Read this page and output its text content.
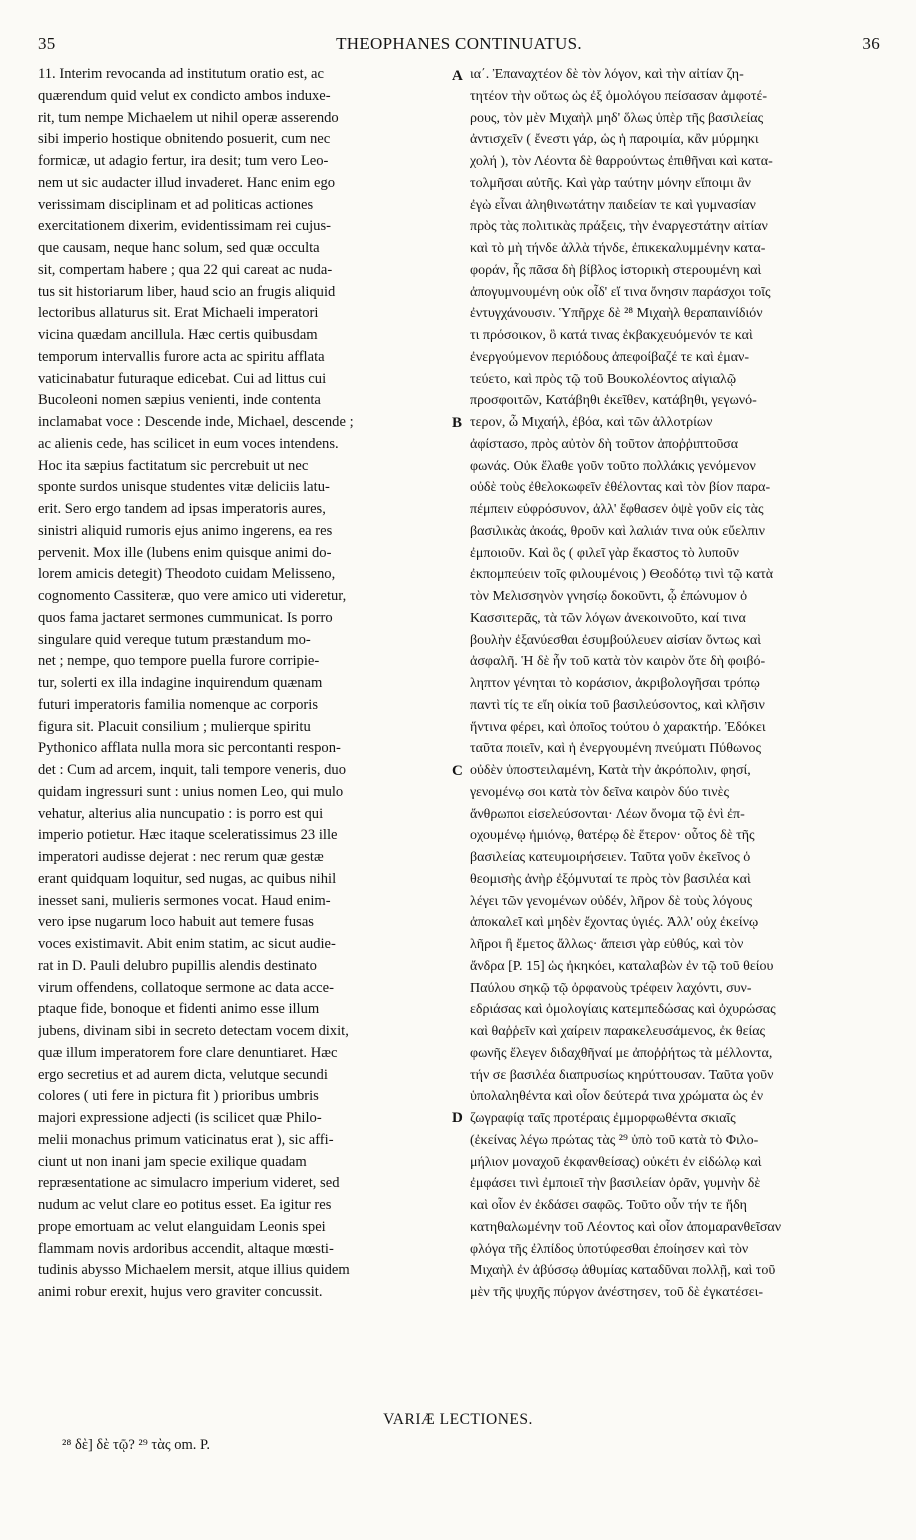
35	THEOPHANES CONTINUATUS.	36
11. Interim revocanda ad institutum oratio est, ac
quærendum quid velut ex condicto ambos induxe-
rit, tum nempe Michaelem ut nihil operæ asserendo
sibi imperio hostique obnitendo posuerit, cum nec
formicæ, ut adagio fertur, ira desit; tum vero Leo-
nem ut sic audacter illud invaderet. Hanc enim ego
verissimam disciplinam et ad politicas actiones
exercitationem dixerim, evidentissimam rei cujus-
que causam, neque hanc solum, sed quæ occulta
sit, compertam habere ; qua 22 qui careat ac nuda-
tus sit historiarum liber, haud scio an frugis aliquid
lectoribus allaturus sit. Erat Michaeli imperatori
vicina quædam ancillula. Hæc certis quibusdam
temporum intervallis furore acta ac spiritu afflata
vaticinabatur futuraque edicebat. Cui ad littus cui
Bucoleoni nomen sæpius venienti, inde contenta
inclamabat voce : Descende inde, Michael, descende ;
ac alienis cede, has scilicet in eum voces intendens.
Hoc ita sæpius factitatum sic percrebuit ut nec
sponte surdos unisque studentes vitæ deliciis latu-
erit. Sero ergo tandem ad ipsas imperatoris aures,
sinistri aliquid rumoris ejus animo ingerens, ea res
pervenit. Mox ille (lubens enim quisque animi do-
lorem amicis detegit) Theodoto cuidam Melisseno,
cognomento Cassiteræ, quo vere amico uti videretur,
quos fama jactaret sermones cummunicat. Is porro
singulare quid vereque tutum præstandum mo-
net ; nempe, quo tempore puella furore corripie-
tur, solerti ex illa indagine inquirendum quænam
futuri imperatoris familia nomenque ac corporis
figura sit. Placuit consilium ; mulierque spiritu
Pythonico afflata nulla mora sic percontanti respon-
det : Cum ad arcem, inquit, tali tempore veneris, duo
quidam ingressuri sunt : unius nomen Leo, qui mulo
vehatur, alterius alia nuncupatio : is porro est qui
imperio potietur. Hæc itaque sceleratissimus 23 ille
imperatori audisse dejerat : nec rerum quæ gestæ
erant quidquam loquitur, sed nugas, ac quibus nihil
inesset sani, mulieris sermones vocat. Haud enim-
vero ipse nugarum loco habuit aut temere fusas
voces existimavit. Abit enim statim, ac sicut audie-
rat in D. Pauli delubro pupillis alendis destinato
virum offendens, collatoque sermone ac data acce-
ptaque fide, bonoque et fidenti animo esse illum
jubens, divinam sibi in secreto detectam vocem dixit,
quæ illum imperatorem fore clare denuntiaret. Hæc
ergo secretius et ad aurem dicta, velutque secundi
colores ( uti fere in pictura fit ) prioribus umbris
majori expressione adjecti (is scilicet quæ Philo-
melii monachus primum vaticinatus erat ), sic affi-
ciunt ut non inani jam specie exilique quadam
repræsentatione ac simulacro imperium videret, sed
nudum ac velut clare eo potitus esset. Ea igitur res
prope emortuam ac velut elanguidam Leonis spei
flammam novis ardoribus accendit, altaque mœsti-
tudinis abysso Michaelem mersit, atque illius quidem
animi robur erexit, hujus vero graviter concussit.
ια΄. Ἐπαναχτέον δὲ τὸν λόγον, καὶ τὴν αἰτίαν ζη-
τητέον τὴν οὕτως ὡς ἐξ ὁμολόγου πείσασαν ἀμφοτέ-
ρους, τὸν μὲν Μιχαὴλ μηδ' ὅλως ὑπὲρ τῆς βασιλείας
ἀντισχεῖν ( ἔνεστι γάρ, ὡς ἡ παροιμία, κἂν μύρμηκι
χολή ), τὸν Λέοντα δὲ θαρρούντως ἐπιθῆναι καὶ κατα-
τολμῆσαι αὐτῆς. Καὶ γὰρ ταύτην μόνην εἴποιμι ἂν
ἐγὼ εἶναι ἀληθινωτάτην παιδείαν τε καὶ γυμνασίαν
πρὸς τὰς πολιτικὰς πράξεις, τὴν ἐναργεστάτην αἰτίαν
καὶ τὸ μὴ τήνδε ἀλλὰ τήνδε, ἐπικεκαλυμμένην κατα-
φοράν, ἧς πᾶσα δὴ βίβλος ἱστορικὴ στερουμένη καὶ
ἀπογυμνουμένη οὐκ οἶδ' εἴ τινα ὄνησιν παράσχοι τοῖς
ἐντυγχάνουσιν. Ὑπῆρχε δὲ ²⁸ Μιχαὴλ θεραπαινίδιόν
τι πρόσοικον, ὃ κατά τινας ἐκβακχευόμενόν τε καὶ
ἐνεργούμενον περιόδους ἀπεφοίβαζέ τε καὶ ἐμαν-
τεύετο, καὶ πρὸς τῷ τοῦ Βουκολέοντος αἰγιαλῷ
προσφοιτῶν, Κατάβηθι ἐκεῖθεν, κατάβηθι, γεγωνό-
τερον, ὦ Μιχαήλ, ἐβόα, καὶ τῶν ἀλλοτρίων
ἀφίστασο, πρὸς αὐτὸν δὴ τοῦτον ἀποῤῥιπτοῦσα
φωνάς. Οὐκ ἔλαθε γοῦν τοῦτο πολλάκις γενόμενον
οὐδὲ τοὺς ἐθελοκωφεῖν ἐθέλοντας καὶ τὸν βίον παρα-
πέμπειν εὐφρόσυνον, ἀλλ' ἔφθασεν ὀψὲ γοῦν εἰς τὰς
βασιλικὰς ἀκοάς, θροῦν καὶ λαλιάν τινα οὐκ εὔελπιν
ἐμποιοῦν. Καὶ ὃς ( φιλεῖ γὰρ ἕκαστος τὸ λυποῦν
ἐκπομπεύειν τοῖς φιλουμένοις ) Θεοδότῳ τινὶ τῷ κατὰ
τὸν Μελισσηνὸν γνησίῳ δοκοῦντι, ᾧ ἐπώνυμον ὁ
Κασσιτερᾶς, τὰ τῶν λόγων ἀνεκοινοῦτο, καί τινα
βουλὴν ἐξανύεσθαι ἐσυμβούλευεν αἰσίαν ὄντως καὶ
ἀσφαλῆ. Ἡ δὲ ἦν τοῦ κατὰ τὸν καιρὸν ὅτε δὴ φοιβό-
ληπτον γένηται τὸ κοράσιον, ἀκριβολογῆσαι τρόπῳ
παντὶ τίς τε εἴη οἰκία τοῦ βασιλεύσοντος, καὶ κλῆσιν
ἥντινα φέρει, καὶ ὁποῖος τούτου ὁ χαρακτήρ. Ἐδόκει
ταῦτα ποιεῖν, καὶ ἡ ἐνεργουμένη πνεύματι Πύθωνος
οὐδὲν ὑποστειλαμένη, Κατὰ τὴν ἀκρόπολιν, φησί,
γενομένῳ σοι κατὰ τὸν δεῖνα καιρὸν δύο τινὲς
ἄνθρωποι εἰσελεύσονται· Λέων ὄνομα τῷ ἑνὶ ἐπ-
οχουμένῳ ἡμιόνῳ, θατέρῳ δὲ ἕτερον· οὗτος δὲ τῆς
βασιλείας κατευμοιρήσειεν. Ταῦτα γοῦν ἐκεῖνος ὁ
θεομισὴς ἀνὴρ ἐξόμνυταί τε πρὸς τὸν βασιλέα καὶ
λέγει τῶν γενομένων οὐδέν, λῆρον δὲ τοὺς λόγους
ἀποκαλεῖ καὶ μηδὲν ἔχοντας ὑγιές. Ἀλλ' οὐχ ἐκείνῳ
λῆροι ἢ ἔμετος ἄλλως· ἄπεισι γὰρ εὐθύς, καὶ τὸν
ἄνδρα [P. 15] ὡς ἠκηκόει, καταλαβὼν ἐν τῷ τοῦ θείου
Παύλου σηκῷ τῷ ὀρφανοὺς τρέφειν λαχόντι, συν-
εδριάσας καὶ ὁμολογίαις κατεμπεδώσας καὶ ὀχυρώσας
καὶ θαῤῥεῖν καὶ χαίρειν παρακελευσάμενος, ἐκ θείας
φωνῆς ἔλεγεν διδαχθῆναί με ἀποῤῥήτως τὰ μέλλοντα,
τήν σε βασιλέα διαπρυσίως κηρύττουσαν. Ταῦτα γοῦν
ὑπολαληθέντα καὶ οἷον δεύτερά τινα χρώματα ὡς ἐν
ζωγραφίᾳ ταῖς προτέραις ἐμμορφωθέντα σκιαῖς
(ἐκείνας λέγω πρώτας τὰς ²⁹ ὑπὸ τοῦ κατὰ τὸ Φιλο-
μήλιον μοναχοῦ ἐκφανθείσας) οὐκέτι ἐν εἰδώλῳ καὶ
ἐμφάσει τινὶ ἐμποιεῖ τὴν βασιλείαν ὁρᾶν, γυμνὴν δὲ
καὶ οἷον ἐν ἐκδάσει σαφῶς. Τοῦτο οὖν τήν τε ἤδη
κατηθαλωμένην τοῦ Λέοντος καὶ οἷον ἀπομαρανθεῖσαν
φλόγα τῆς ἐλπίδος ὑποτύφεσθαι ἐποίησεν καὶ τὸν
Μιχαὴλ ἐν ἀβύσσῳ ἀθυμίας καταδῦναι πολλῇ, καὶ τοῦ
μὲν τῆς ψυχῆς πύργον ἀνέστησεν, τοῦ δὲ ἐγκατέσει-
A
B
C
D
VARIÆ LECTIONES.
²⁸ δὲ] δὲ τῷ? ²⁹ τὰς om. P.
